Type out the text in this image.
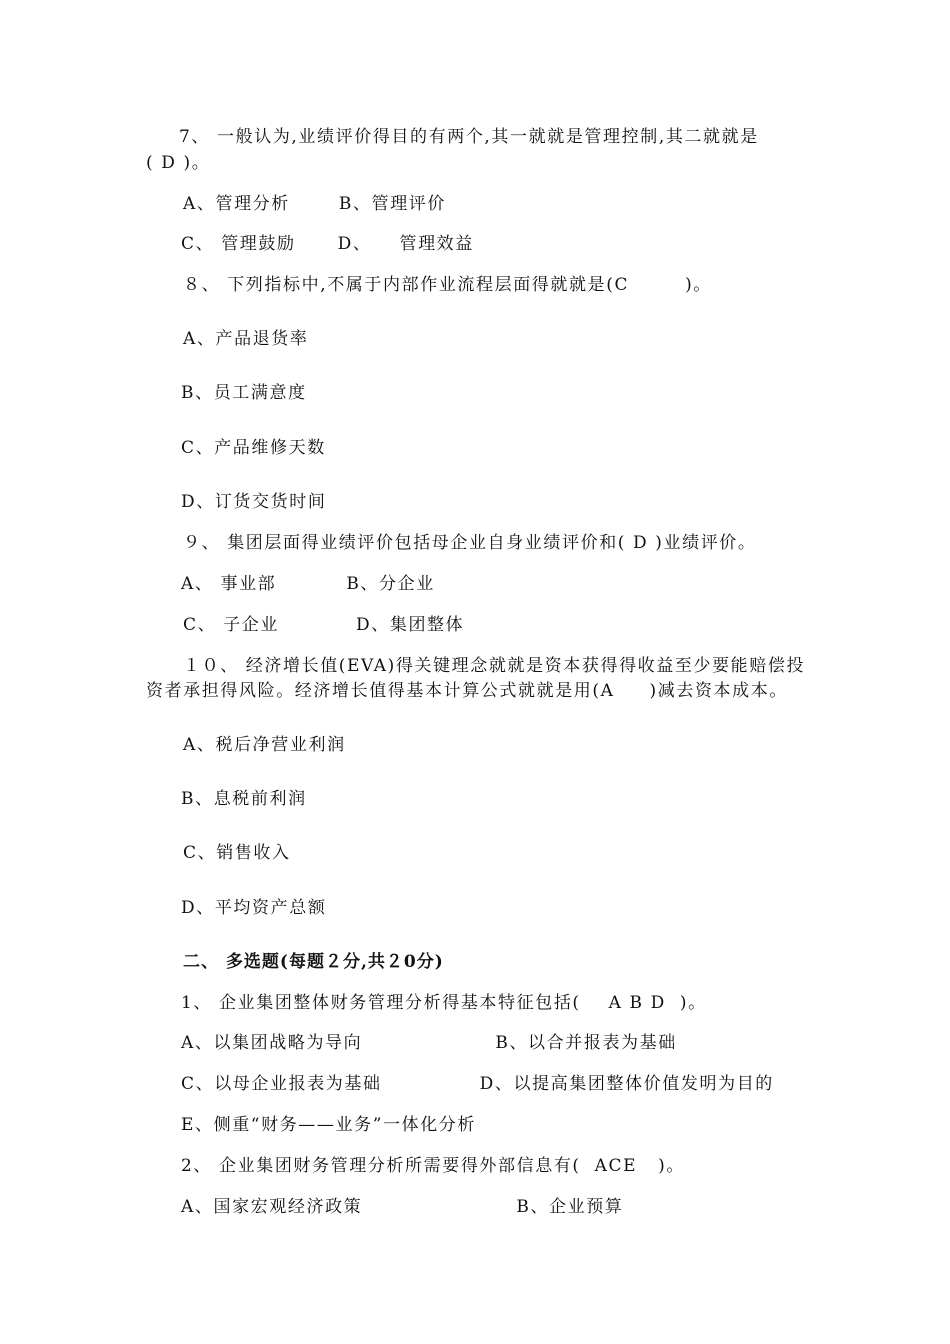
7、 一般认为,业绩评价得目的有两个,其一就就是管理控制,其二就就是
( D )。
A、管理分析       B、管理评价
C、 管理鼓励      D、    管理效益
８、 下列指标中,不属于内部作业流程层面得就就是(C        )。
A、产品退货率
B、员工满意度
C、产品维修天数
D、订货交货时间
９、 集团层面得业绩评价包括母企业自身业绩评价和( D )业绩评价。
A、 事业部          B、分企业
C、 子企业           D、集团整体
１０、 经济增长值(EVA)得关键理念就就是资本获得得收益至少要能赔偿投
资者承担得风险。经济增长值得基本计算公式就就是用(A     )减去资本成本。
A、税后净营业利润
B、息税前利润
C、销售收入
D、平均资产总额
二、 多选题(每题２分,共２0分)
1、 企业集团整体财务管理分析得基本特征包括(    A B D  )。
A、以集团战略为导向                   B、以合并报表为基础
C、以母企业报表为基础              D、以提高集团整体价值发明为目的
E、侧重“财务——业务”一体化分析
2、 企业集团财务管理分析所需要得外部信息有(  ACE   )。
A、国家宏观经济政策                      B、企业预算
